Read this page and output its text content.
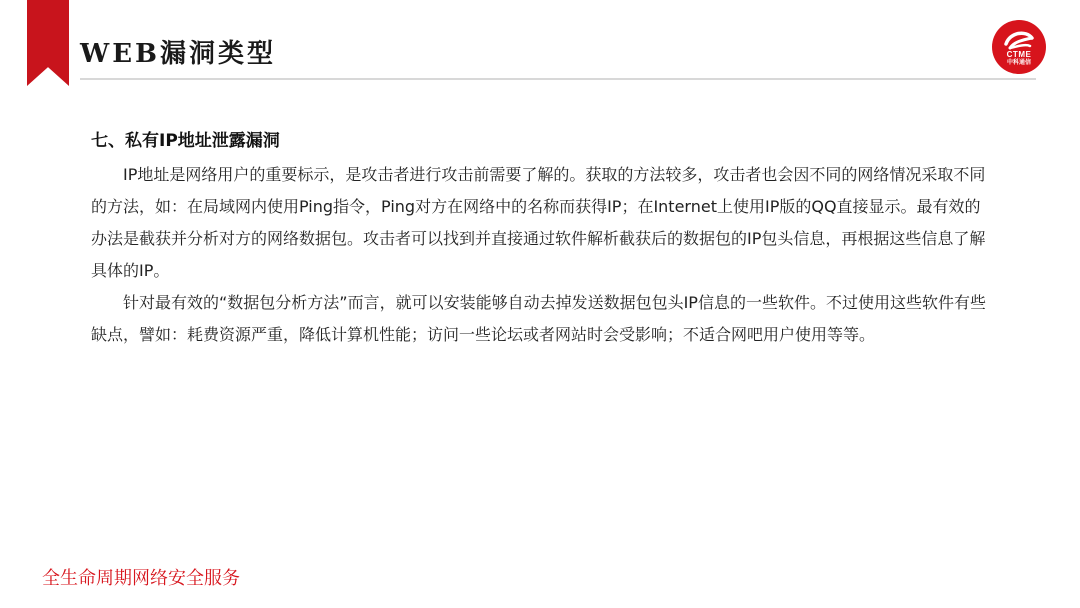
WEB漏洞类型	CTME
中科通信
七、私有IP地址泄露漏洞

IP地址是网络用户的重要标示，是攻击者进行攻击前需要了解的。获取的方法较多，攻击者也会因不同的网络情况采取不同的方法，如：在局域网内使用Ping指令，Ping对方在网络中的名称而获得IP；在Internet上使用IP版的QQ直接显示。最有效的办法是截获并分析对方的网络数据包。攻击者可以找到并直接通过软件解析截获后的数据包的IP包头信息，再根据这些信息了解具体的IP。

针对最有效的“数据包分析方法”而言，就可以安装能够自动去掉发送数据包包头IP信息的一些软件。不过使用这些软件有些缺点，譬如：耗费资源严重，降低计算机性能；访问一些论坛或者网站时会受影响；不适合网吧用户使用等等。

全生命周期网络安全服务
